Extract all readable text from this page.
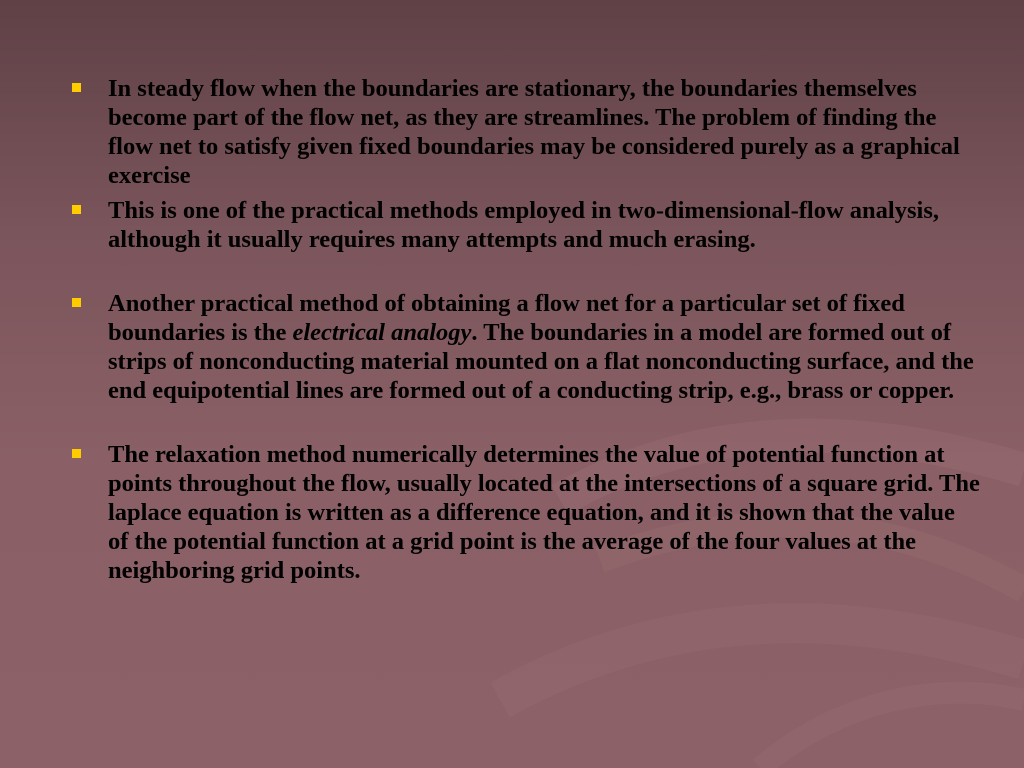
In steady flow when the boundaries are stationary, the boundaries themselves become part of the flow net, as they are streamlines. The problem of finding the flow net to satisfy given fixed boundaries may be considered purely as a graphical exercise
This is one of the practical methods employed in two-dimensional-flow analysis, although it usually requires many attempts and much erasing.
Another practical method of obtaining a flow net for a particular set of fixed boundaries is the electrical analogy. The boundaries in a model are formed out of strips of nonconducting material mounted on a flat nonconducting surface, and the end equipotential lines are formed out of a conducting strip, e.g., brass or copper.
The relaxation method numerically determines the value of potential function at points throughout the flow, usually located at the intersections of a square grid. The laplace equation is written as a difference equation, and it is shown that the value of the potential function at a grid point is the average of the four values at the neighboring grid points.
